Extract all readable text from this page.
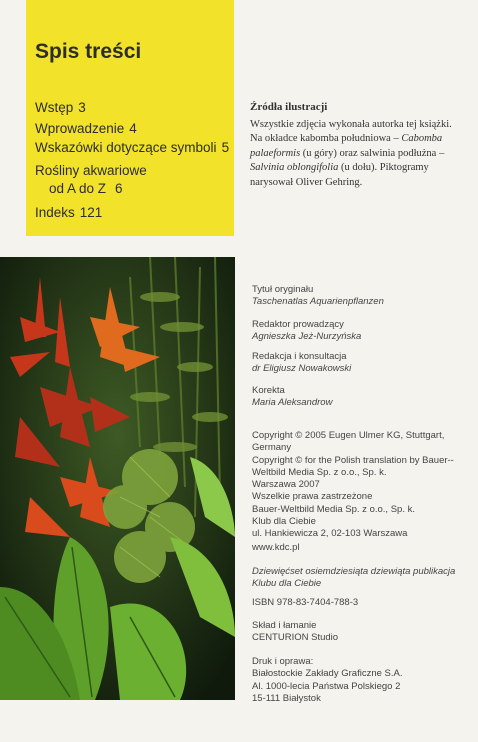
Spis treści
Wstęp 3
Wprowadzenie 4
Wskazówki dotyczące symboli 5
Rośliny akwariowe
od A do Z 6
Indeks 121
Źródła ilustracji

Wszystkie zdjęcia wykonała autorka tej książki. Na okładce kabomba południowa – Cabomba palaeformis (u góry) oraz salwinia podłużna – Salvinia oblongifolia (u dołu). Piktogramy narysował Oliver Gehring.

Tytuł oryginału

Taschenatlas Aquarienpflanzen

Redaktor prowadzący

Agnieszka Jeż-Nurzyńska

Redakcja i konsultacja

dr Eligiusz Nowakowski

Korekta

Maria Aleksandrow

Copyright © 2005 Eugen Ulmer KG, Stuttgart, Germany

Copyright © for the Polish translation by Bauer--Weltbild Media Sp. z o.o., Sp. k.

Warszawa 2007

Wszelkie prawa zastrzeżone

Bauer-Weltbild Media Sp. z o.o., Sp. k.

Klub dla Ciebie

ul. Hankiewicza 2, 02-103 Warszawa

www.kdc.pl

Dziewięćset osiemdziesiąta dziewiąta publikacja Klubu dla Ciebie

ISBN 978-83-7404-788-3

Skład i łamanie

CENTURION Studio

Druk i oprawa:

Białostockie Zakłady Graficzne S.A.

Al. 1000-lecia Państwa Polskiego 2

15-111 Białystok
